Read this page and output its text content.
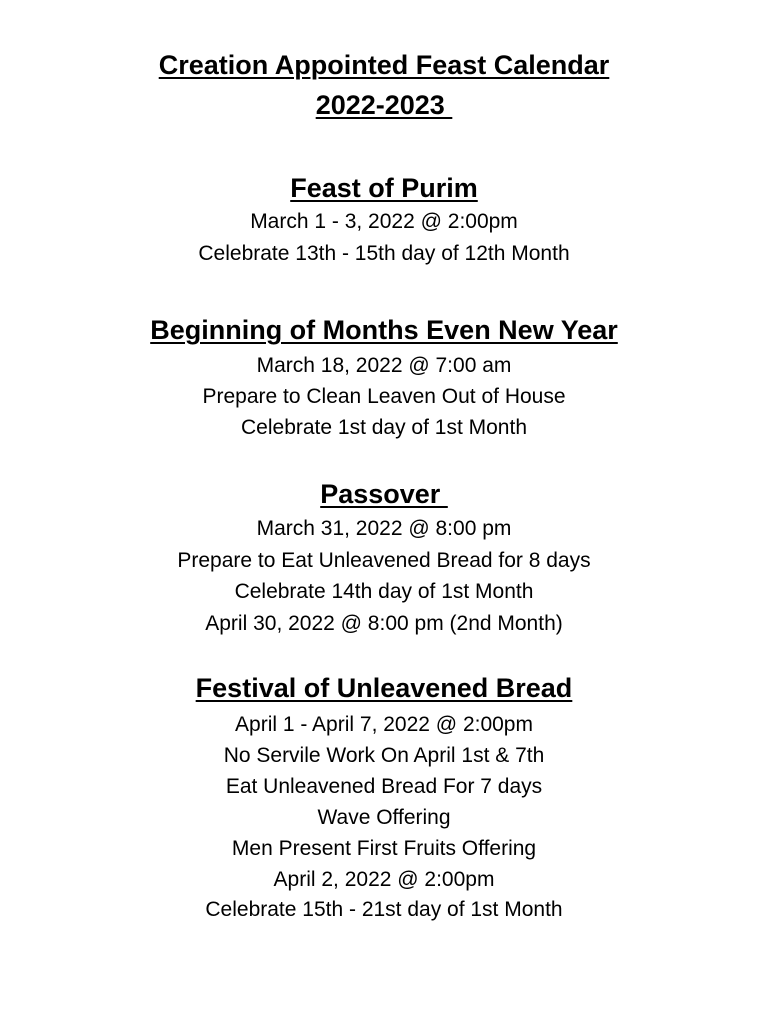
Creation Appointed Feast Calendar
2022-2023
Feast of Purim

March 1 - 3, 2022 @ 2:00pm

Celebrate 13th - 15th day of 12th Month

Beginning of Months Even New Year

March 18, 2022 @ 7:00 am

Prepare to Clean Leaven Out of House

Celebrate 1st day of 1st Month

Passover

March 31, 2022 @ 8:00 pm

Prepare to Eat Unleavened Bread for 8 days

Celebrate 14th day of 1st Month

April 30, 2022 @ 8:00 pm (2nd Month)

Festival of Unleavened Bread

April 1 - April 7, 2022 @ 2:00pm

No Servile Work On April 1st & 7th

Eat Unleavened Bread For 7 days

Wave Offering

Men Present First Fruits Offering

April 2, 2022 @ 2:00pm

Celebrate 15th - 21st day of 1st Month
